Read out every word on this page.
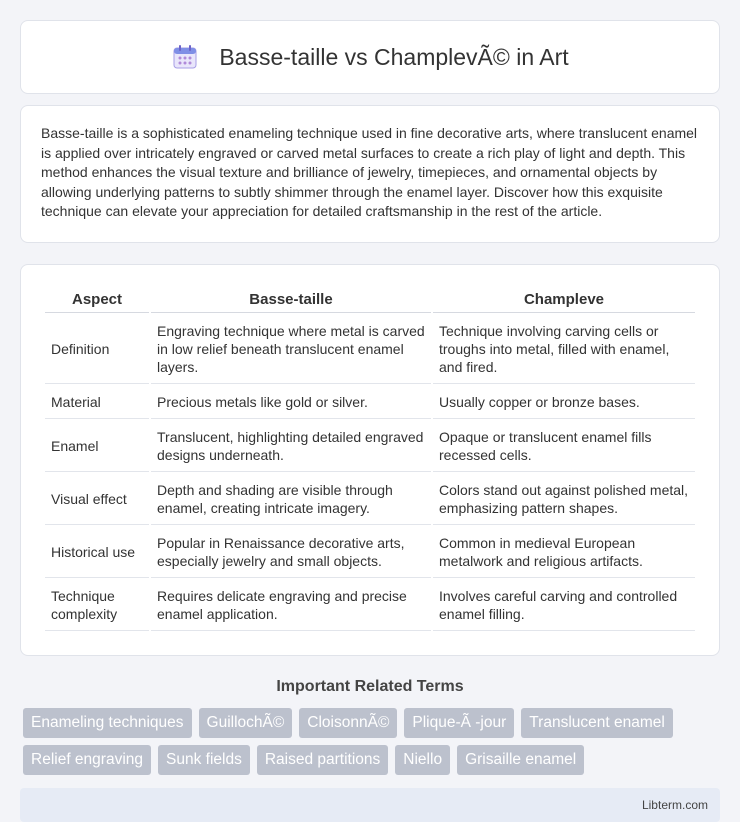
Basse-taille vs ChamplevÃ© in Art

Basse-taille is a sophisticated enameling technique used in fine decorative arts, where translucent enamel is applied over intricately engraved or carved metal surfaces to create a rich play of light and depth. This method enhances the visual texture and brilliance of jewelry, timepieces, and ornamental objects by allowing underlying patterns to subtly shimmer through the enamel layer. Discover how this exquisite technique can elevate your appreciation for detailed craftsmanship in the rest of the article.

Aspect	Basse-taille	Champleve
Definition	Engraving technique where metal is carved in low relief beneath translucent enamel layers.	Technique involving carving cells or troughs into metal, filled with enamel, and fired.
Material	Precious metals like gold or silver.	Usually copper or bronze bases.
Enamel	Translucent, highlighting detailed engraved designs underneath.	Opaque or translucent enamel fills recessed cells.
Visual effect	Depth and shading are visible through enamel, creating intricate imagery.	Colors stand out against polished metal, emphasizing pattern shapes.
Historical use	Popular in Renaissance decorative arts, especially jewelry and small objects.	Common in medieval European metalwork and religious artifacts.
Technique complexity	Requires delicate engraving and precise enamel application.	Involves careful carving and controlled enamel filling.
Important Related Terms
Enameling techniques	GuillochÃ©	CloisonnÃ©	Plique-Ã -jour	Translucent enamel
Relief engraving	Sunk fields	Raised partitions	Niello	Grisaille enamel
Libterm.com
